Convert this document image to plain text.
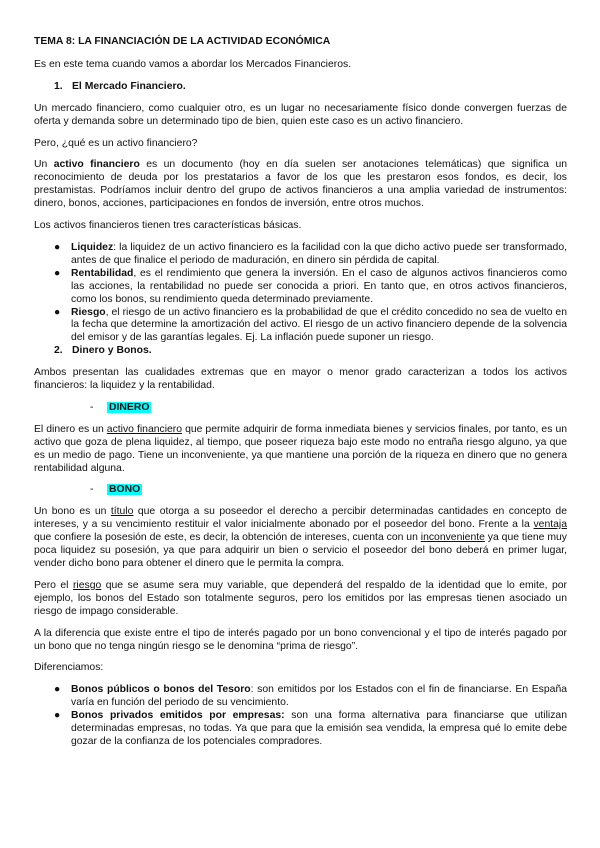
TEMA 8: LA FINANCIACIÓN DE LA ACTIVIDAD ECONÓMICA

Es en este tema cuando vamos a abordar los Mercados Financieros.

1. El Mercado Financiero.

Un mercado financiero, como cualquier otro, es un lugar no necesariamente físico donde convergen fuerzas de oferta y demanda sobre un determinado tipo de bien, quien este caso es un activo financiero.

Pero, ¿qué es un activo financiero?

Un activo financiero es un documento (hoy en día suelen ser anotaciones telemáticas) que significa un reconocimiento de deuda por los prestatarios a favor de los que les prestaron esos fondos, es decir, los prestamistas. Podríamos incluir dentro del grupo de activos financieros a una amplia variedad de instrumentos: dinero, bonos, acciones, participaciones en fondos de inversión, entre otros muchos.

Los activos financieros tienen tres características básicas.

● Liquidez: la liquidez de un activo financiero es la facilidad con la que dicho activo puede ser transformado, antes de que finalice el periodo de maduración, en dinero sin pérdida de capital.
● Rentabilidad, es el rendimiento que genera la inversión. En el caso de algunos activos financieros como las acciones, la rentabilidad no puede ser conocida a priori. En tanto que, en otros activos financieros, como los bonos, su rendimiento queda determinado previamente.
● Riesgo, el riesgo de un activo financiero es la probabilidad de que el crédito concedido no sea de vuelto en la fecha que determine la amortización del activo. El riesgo de un activo financiero depende de la solvencia del emisor y de las garantías legales. Ej. La inflación puede suponer un riesgo.
2. Dinero y Bonos.

Ambos presentan las cualidades extremas que en mayor o menor grado caracterizan a todos los activos financieros: la liquidez y la rentabilidad.

- DINERO

El dinero es un activo financiero que permite adquirir de forma inmediata bienes y servicios finales, por tanto, es un activo que goza de plena liquidez, al tiempo, que poseer riqueza bajo este modo no entraña riesgo alguno, ya que es un medio de pago. Tiene un inconveniente, ya que mantiene una porción de la riqueza en dinero que no genera rentabilidad alguna.

- BONO

Un bono es un título que otorga a su poseedor el derecho a percibir determinadas cantidades en concepto de intereses, y a su vencimiento restituir el valor inicialmente abonado por el poseedor del bono. Frente a la ventaja que confiere la posesión de este, es decir, la obtención de intereses, cuenta con un inconveniente ya que tiene muy poca liquidez su posesión, ya que para adquirir un bien o servicio el poseedor del bono deberá en primer lugar, vender dicho bono para obtener el dinero que le permita la compra.

Pero el riesgo que se asume sera muy variable, que dependerá del respaldo de la identidad que lo emite, por ejemplo, los bonos del Estado son totalmente seguros, pero los emitidos por las empresas tienen asociado un riesgo de impago considerable.

A la diferencia que existe entre el tipo de interés pagado por un bono convencional y el tipo de interés pagado por un bono que no tenga ningún riesgo se le denomina “prima de riesgo”.

Diferenciamos:

● Bonos públicos o bonos del Tesoro: son emitidos por los Estados con el fin de financiarse. En España varía en función del periodo de su vencimiento.
● Bonos privados emitidos por empresas: son una forma alternativa para financiarse que utilizan determinadas empresas, no todas. Ya que para que la emisión sea vendida, la empresa qué lo emite debe gozar de la confianza de los potenciales compradores.
